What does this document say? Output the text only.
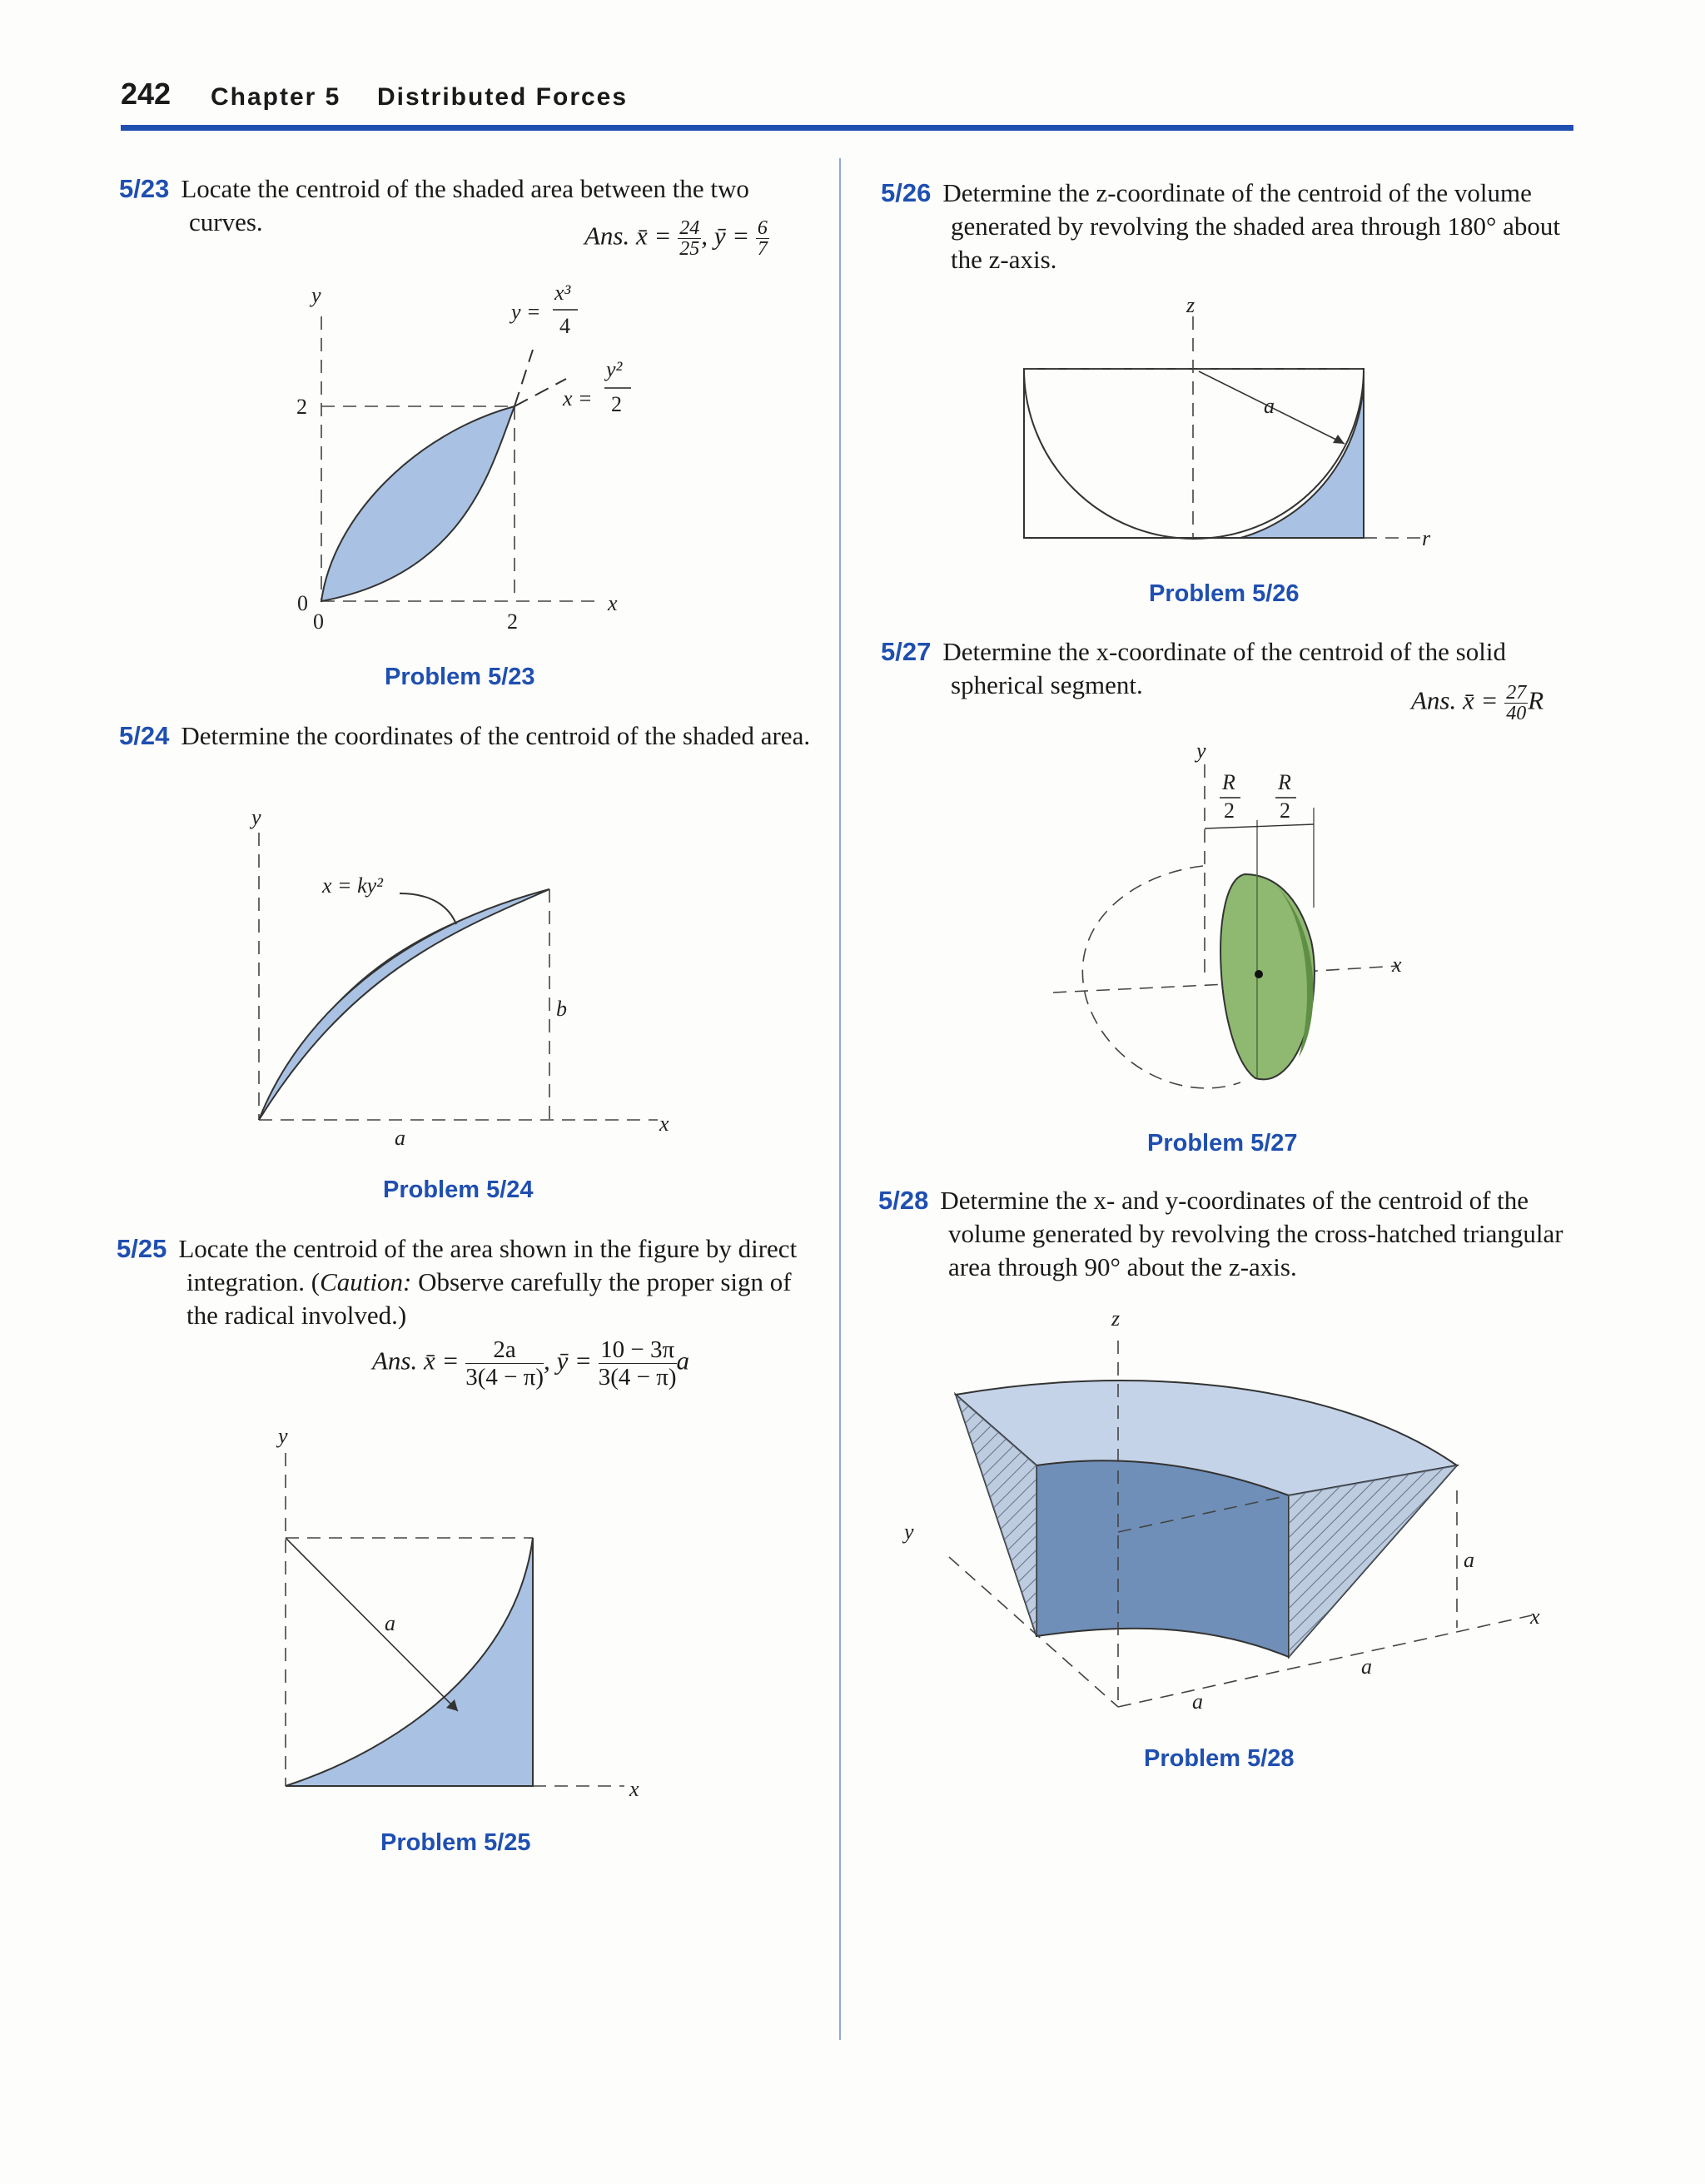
242 Chapter 5 Distributed Forces
5/23 Locate the centroid of the shaded area between the two curves.	Ans. x̄ = $\frac{24}{25}$ , ȳ = $\frac{6}{7}$
y
x
2
0
0	2
y =
x³
4
x =
y²
2
Problem 5/23
5/24 Determine the coordinates of the centroid of the shaded area.
y
x
x = ky²
b
a
Problem 5/24
5/25 Locate the centroid of the area shown in the figure by direct integration. (Caution: Observe carefully the proper sign of the radical involved.)
Ans. x̄ = $\frac{2a}{3(4 - \pi)}$ , ȳ = $\frac{10 - 3\pi}{3(4 - \pi)}$ a
y
x
a
Problem 5/25
5/26 Determine the z-coordinate of the centroid of the volume generated by revolving the shaded area through 180° about the z-axis.
z
a
r
Problem 5/26
5/27 Determine the x-coordinate of the centroid of the solid spherical segment.
Ans. x̄ = $\frac{27}{40}$ R
y
x
R
2
R
2
Problem 5/27
5/28 Determine the x- and y-coordinates of the centroid of the volume generated by revolving the cross-hatched triangular area through 90° about the z-axis.
z
y
x
a
a
a
Problem 5/28
